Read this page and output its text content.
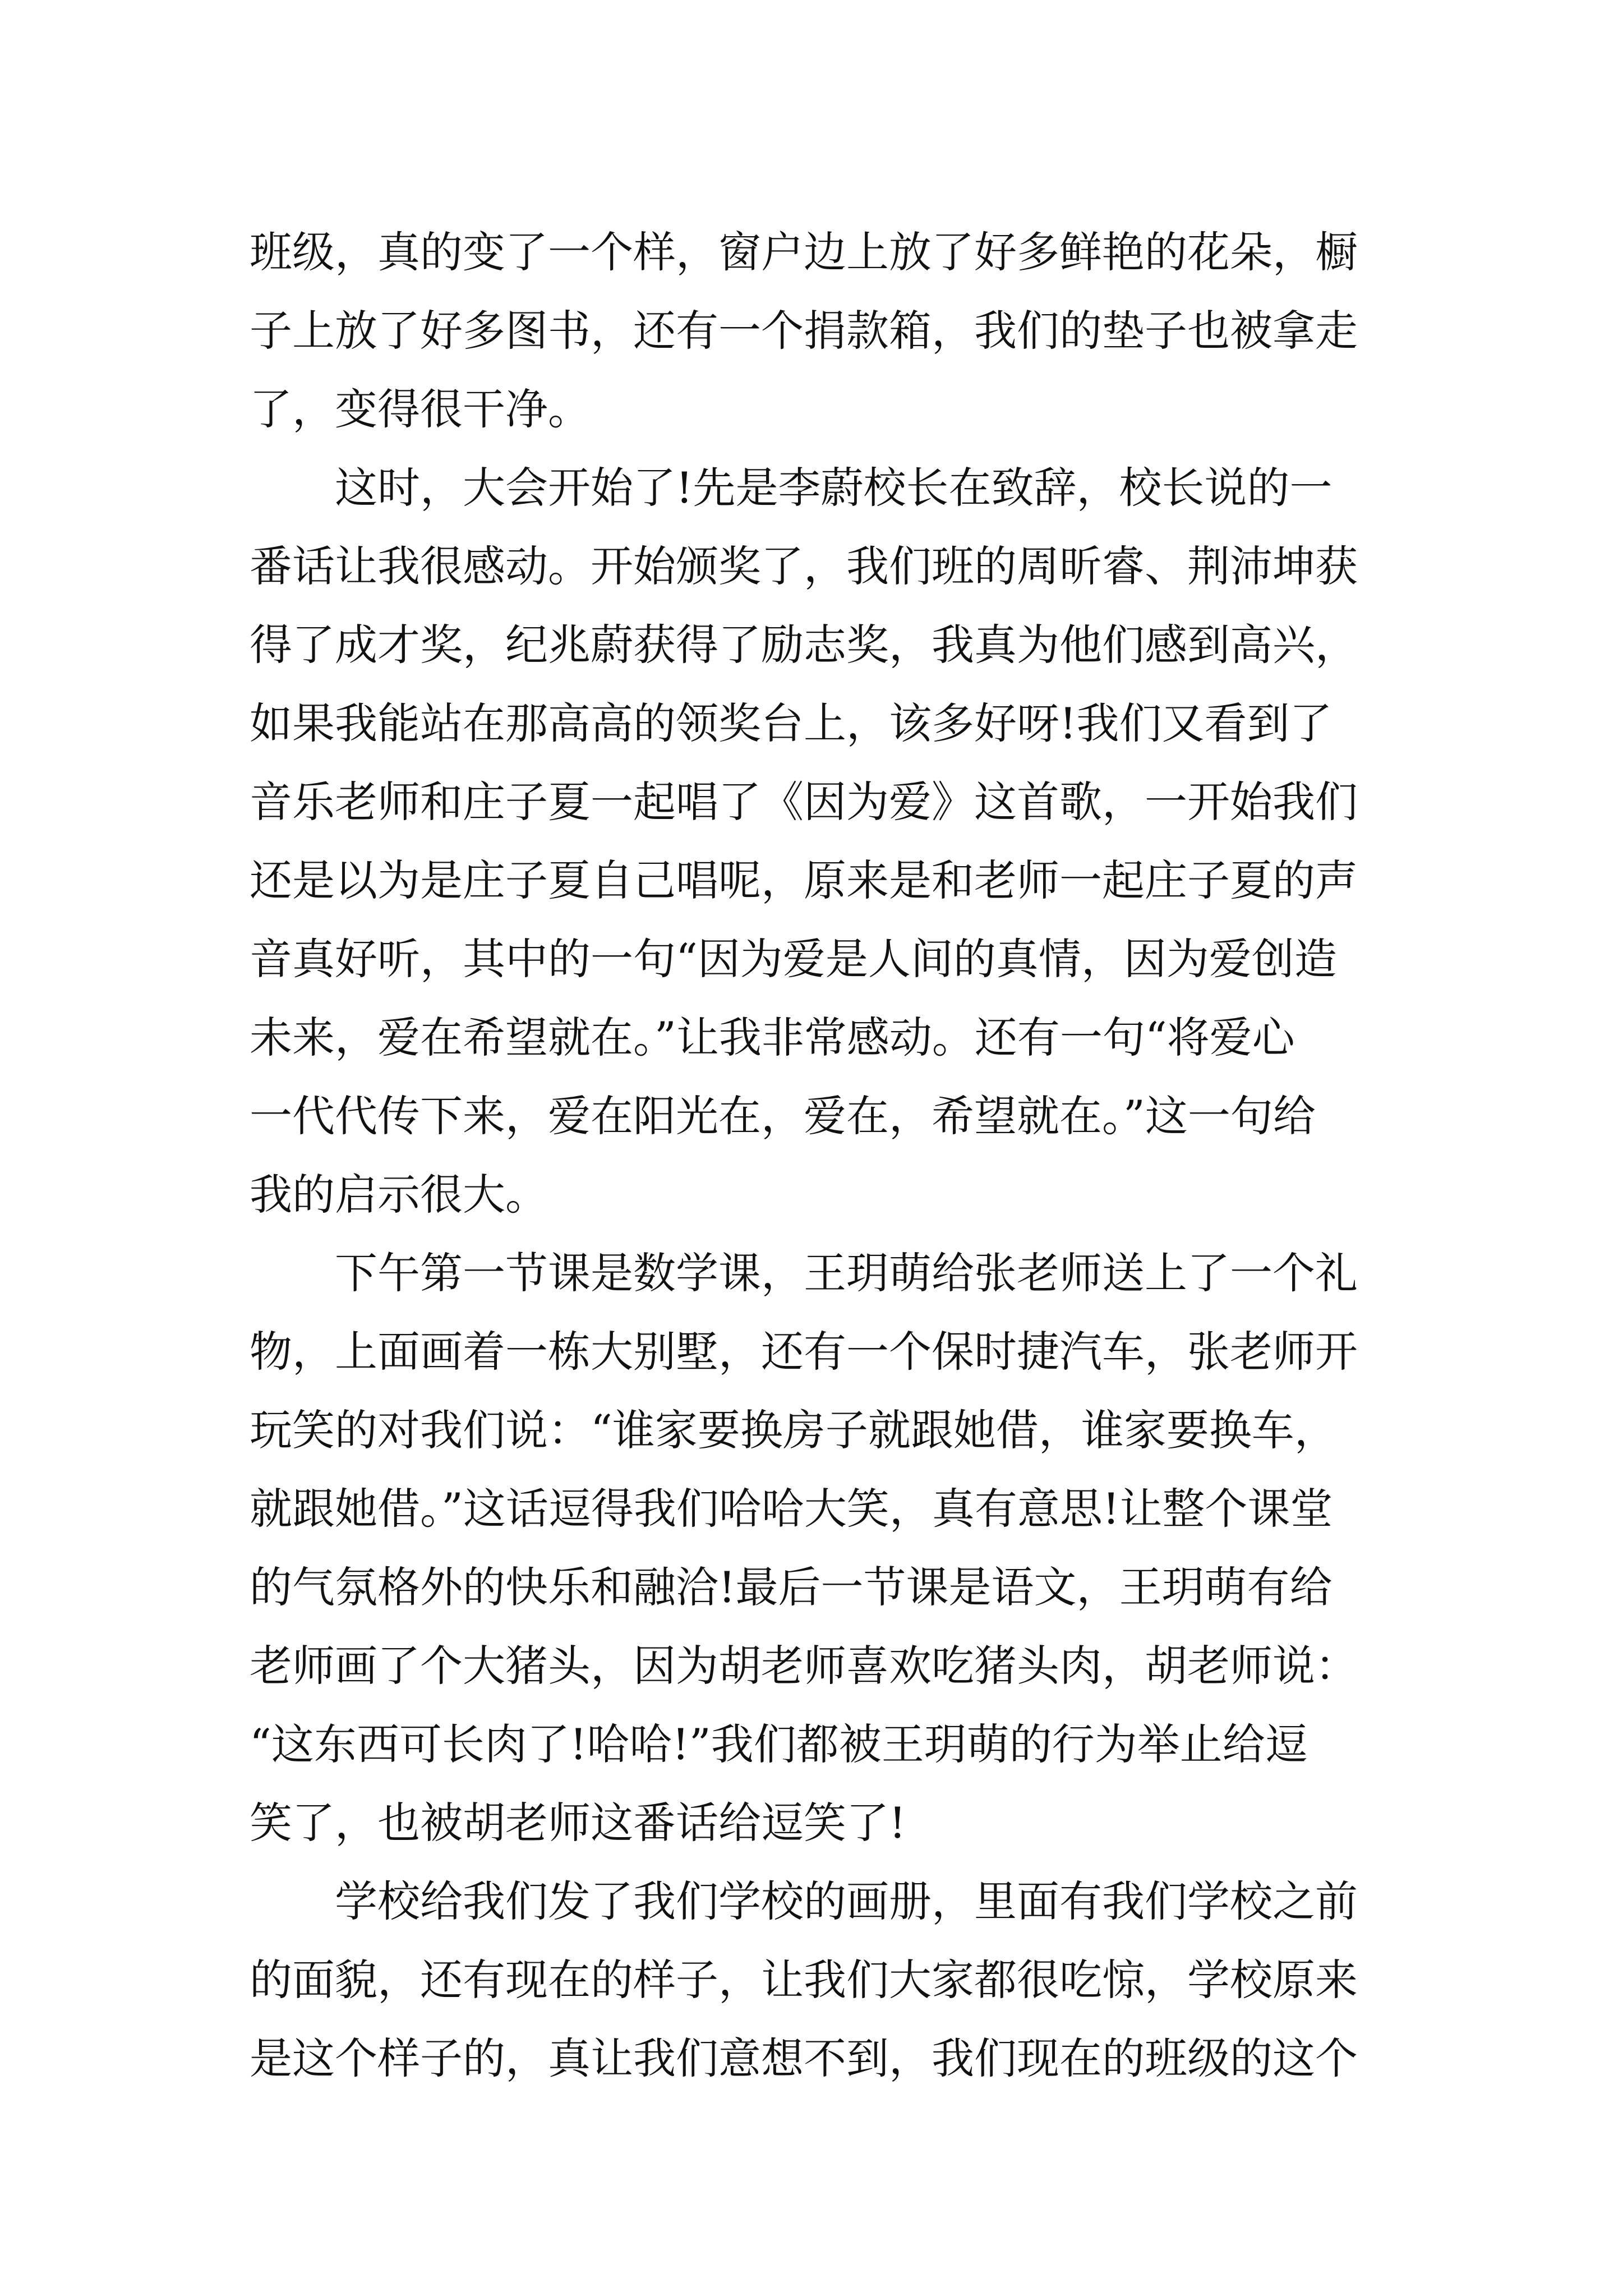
班级，真的变了一个样，窗户边上放了好多鲜艳的花朵，橱
子上放了好多图书，还有一个捐款箱，我们的垫子也被拿走
了，变得很干净。
这时，大会开始了!先是李蔚校长在致辞，校长说的一
番话让我很感动。开始颁奖了，我们班的周昕睿、荆沛坤获
得了成才奖，纪兆蔚获得了励志奖，我真为他们感到高兴，
如果我能站在那高高的领奖台上，该多好呀!我们又看到了
音乐老师和庄子夏一起唱了《因为爱》这首歌，一开始我们
还是以为是庄子夏自己唱呢，原来是和老师一起庄子夏的声
音真好听，其中的一句“因为爱是人间的真情，因为爱创造
未来，爱在希望就在。”让我非常感动。还有一句“将爱心
一代代传下来，爱在阳光在，爱在，希望就在。”这一句给
我的启示很大。
下午第一节课是数学课，王玥萌给张老师送上了一个礼
物，上面画着一栋大别墅，还有一个保时捷汽车，张老师开
玩笑的对我们说：“谁家要换房子就跟她借，谁家要换车，
就跟她借。”这话逗得我们哈哈大笑，真有意思!让整个课堂
的气氛格外的快乐和融洽!最后一节课是语文，王玥萌有给
老师画了个大猪头，因为胡老师喜欢吃猪头肉，胡老师说：
“这东西可长肉了!哈哈!”我们都被王玥萌的行为举止给逗
笑了，也被胡老师这番话给逗笑了!
学校给我们发了我们学校的画册，里面有我们学校之前
的面貌，还有现在的样子，让我们大家都很吃惊，学校原来
是这个样子的，真让我们意想不到，我们现在的班级的这个
